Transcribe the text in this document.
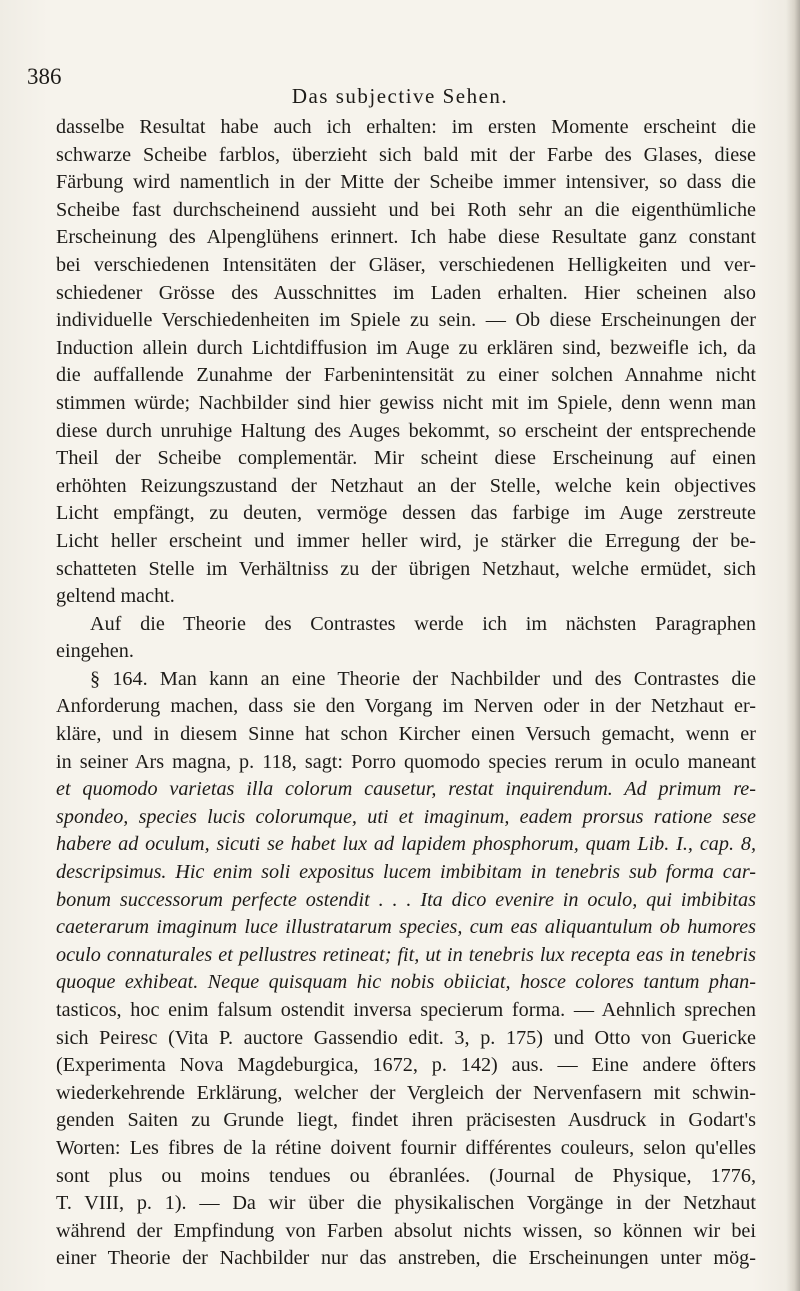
386
Das subjective Sehen.
dasselbe Resultat habe auch ich erhalten: im ersten Momente erscheint die
schwarze Scheibe farblos, überzieht sich bald mit der Farbe des Glases, diese
Färbung wird namentlich in der Mitte der Scheibe immer intensiver, so dass die
Scheibe fast durchscheinend aussieht und bei Roth sehr an die eigenthümliche
Erscheinung des Alpenglühens erinnert. Ich habe diese Resultate ganz constant
bei verschiedenen Intensitäten der Gläser, verschiedenen Helligkeiten und ver-
schiedener Grösse des Ausschnittes im Laden erhalten. Hier scheinen also
individuelle Verschiedenheiten im Spiele zu sein. — Ob diese Erscheinungen der
Induction allein durch Lichtdiffusion im Auge zu erklären sind, bezweifle ich, da
die auffallende Zunahme der Farbenintensität zu einer solchen Annahme nicht
stimmen würde; Nachbilder sind hier gewiss nicht mit im Spiele, denn wenn man
diese durch unruhige Haltung des Auges bekommt, so erscheint der entsprechende
Theil der Scheibe complementär. Mir scheint diese Erscheinung auf einen
erhöhten Reizungszustand der Netzhaut an der Stelle, welche kein objectives
Licht empfängt, zu deuten, vermöge dessen das farbige im Auge zerstreute
Licht heller erscheint und immer heller wird, je stärker die Erregung der be-
schatteten Stelle im Verhältniss zu der übrigen Netzhaut, welche ermüdet, sich
geltend macht.
Auf die Theorie des Contrastes werde ich im nächsten Paragraphen
eingehen.
§ 164. Man kann an eine Theorie der Nachbilder und des Contrastes die
Anforderung machen, dass sie den Vorgang im Nerven oder in der Netzhaut er-
kläre, und in diesem Sinne hat schon Kircher einen Versuch gemacht, wenn er
in seiner Ars magna, p. 118, sagt: Porro quomodo species rerum in oculo maneant
et quomodo varietas illa colorum causetur, restat inquirendum. Ad primum re-
spondeo, species lucis colorumque, uti et imaginum, eadem prorsus ratione sese
habere ad oculum, sicuti se habet lux ad lapidem phosphorum, quam Lib. I., cap. 8,
descripsimus. Hic enim soli expositus lucem imbibitam in tenebris sub forma car-
bonum successorum perfecte ostendit . . . Ita dico evenire in oculo, qui imbibitas
caeterarum imaginum luce illustratarum species, cum eas aliquantulum ob humores
oculo connaturales et pellustres retineat; fit, ut in tenebris lux recepta eas in tenebris
quoque exhibeat. Neque quisquam hic nobis obiiciat, hosce colores tantum phan-
tasticos, hoc enim falsum ostendit inversa specierum forma. — Aehnlich sprechen
sich Peiresc (Vita P. auctore Gassendio edit. 3, p. 175) und Otto von Guericke
(Experimenta Nova Magdeburgica, 1672, p. 142) aus. — Eine andere öfters
wiederkehrende Erklärung, welcher der Vergleich der Nervenfasern mit schwin-
genden Saiten zu Grunde liegt, findet ihren präcisesten Ausdruck in Godart's
Worten: Les fibres de la rétine doivent fournir différentes couleurs, selon qu'elles
sont plus ou moins tendues ou ébranlées. (Journal de Physique, 1776,
T. VIII, p. 1). — Da wir über die physikalischen Vorgänge in der Netzhaut
während der Empfindung von Farben absolut nichts wissen, so können wir bei
einer Theorie der Nachbilder nur das anstreben, die Erscheinungen unter mög-
